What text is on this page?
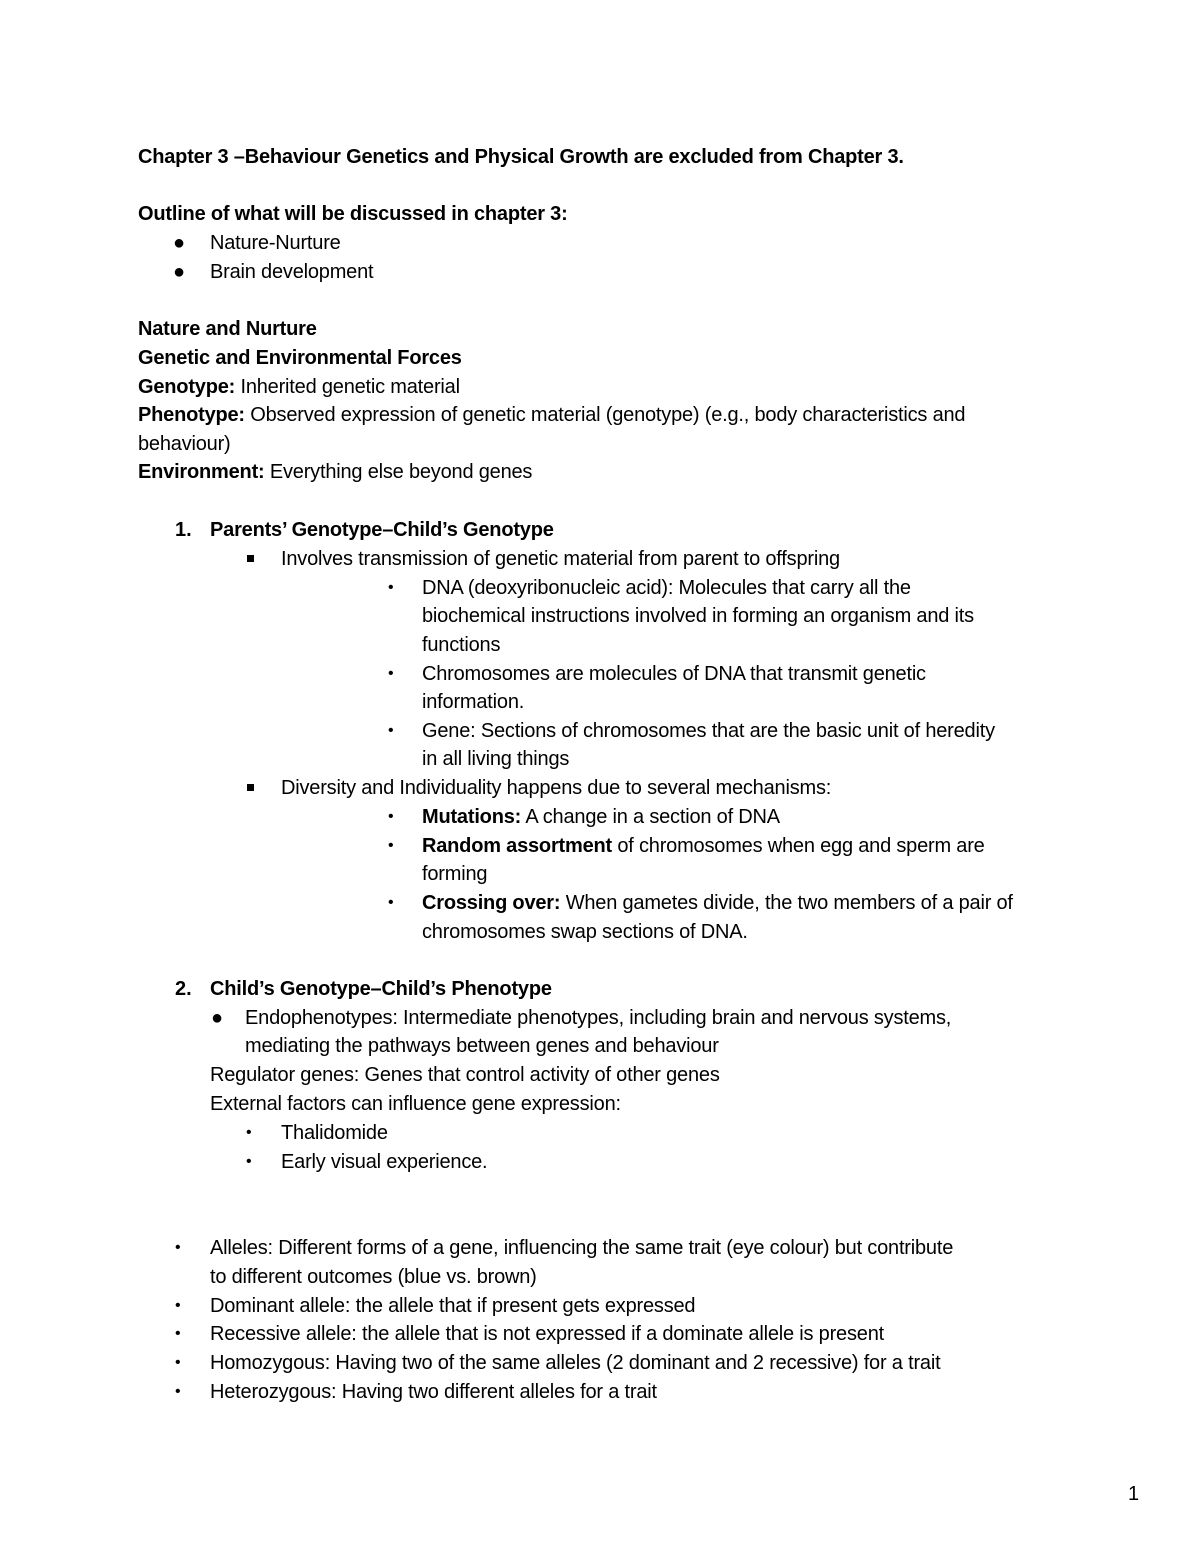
Chapter 3 –Behaviour Genetics and Physical Growth are excluded from Chapter 3.
Outline of what will be discussed in chapter 3:
● Nature-Nurture
● Brain development
Nature and Nurture
Genetic and Environmental Forces
Genotype: Inherited genetic material
Phenotype: Observed expression of genetic material (genotype) (e.g., body characteristics and
behaviour)
Environment: Everything else beyond genes
1. Parents’ Genotype–Child’s Genotype
Involves transmission of genetic material from parent to offspring
• DNA (deoxyribonucleic acid): Molecules that carry all the
biochemical instructions involved in forming an organism and its
functions
• Chromosomes are molecules of DNA that transmit genetic
information.
• Gene: Sections of chromosomes that are the basic unit of heredity
in all living things
Diversity and Individuality happens due to several mechanisms:
• Mutations: A change in a section of DNA
• Random assortment of chromosomes when egg and sperm are
forming
• Crossing over: When gametes divide, the two members of a pair of
chromosomes swap sections of DNA.
2. Child’s Genotype–Child’s Phenotype
● Endophenotypes: Intermediate phenotypes, including brain and nervous systems,
mediating the pathways between genes and behaviour
Regulator genes: Genes that control activity of other genes
External factors can influence gene expression:
• Thalidomide
• Early visual experience.
• Alleles: Different forms of a gene, influencing the same trait (eye colour) but contribute
to different outcomes (blue vs. brown)
• Dominant allele: the allele that if present gets expressed
• Recessive allele: the allele that is not expressed if a dominate allele is present
• Homozygous: Having two of the same alleles (2 dominant and 2 recessive) for a trait
• Heterozygous: Having two different alleles for a trait
1
